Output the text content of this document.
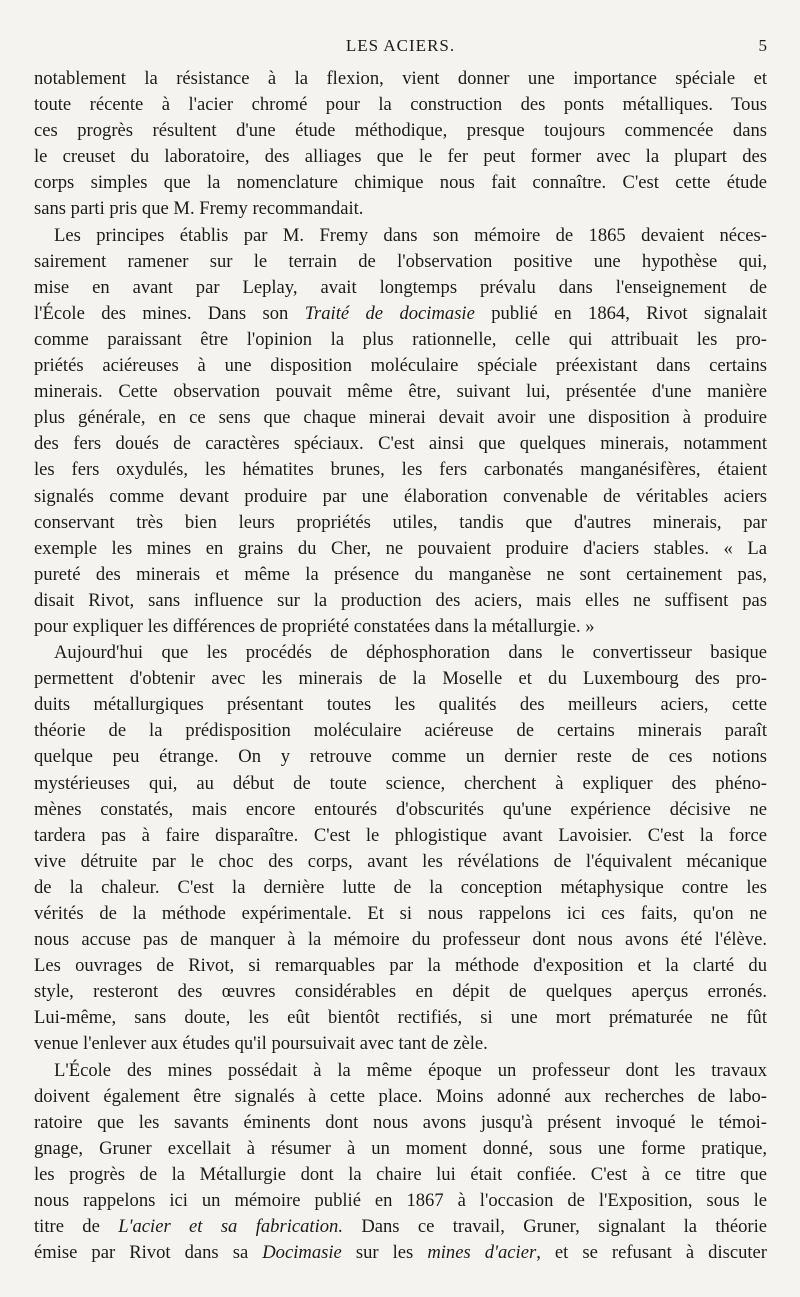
LES ACIERS.	5
notablement la résistance à la flexion, vient donner une importance spéciale et
toute récente à l'acier chromé pour la construction des ponts métalliques. Tous
ces progrès résultent d'une étude méthodique, presque toujours commencée dans
le creuset du laboratoire, des alliages que le fer peut former avec la plupart des
corps simples que la nomenclature chimique nous fait connaître. C'est cette étude
sans parti pris que M. Fremy recommandait.
Les principes établis par M. Fremy dans son mémoire de 1865 devaient néces-
sairement ramener sur le terrain de l'observation positive une hypothèse qui,
mise en avant par Leplay, avait longtemps prévalu dans l'enseignement de
l'École des mines. Dans son Traité de docimasie publié en 1864, Rivot signalait
comme paraissant être l'opinion la plus rationnelle, celle qui attribuait les pro-
priétés aciéreuses à une disposition moléculaire spéciale préexistant dans certains
minerais. Cette observation pouvait même être, suivant lui, présentée d'une manière
plus générale, en ce sens que chaque minerai devait avoir une disposition à produire
des fers doués de caractères spéciaux. C'est ainsi que quelques minerais, notamment
les fers oxydulés, les hématites brunes, les fers carbonatés manganésifères, étaient
signalés comme devant produire par une élaboration convenable de véritables aciers
conservant très bien leurs propriétés utiles, tandis que d'autres minerais, par
exemple les mines en grains du Cher, ne pouvaient produire d'aciers stables. « La
pureté des minerais et même la présence du manganèse ne sont certainement pas,
disait Rivot, sans influence sur la production des aciers, mais elles ne suffisent pas
pour expliquer les différences de propriété constatées dans la métallurgie. »
Aujourd'hui que les procédés de déphosphoration dans le convertisseur basique
permettent d'obtenir avec les minerais de la Moselle et du Luxembourg des pro-
duits métallurgiques présentant toutes les qualités des meilleurs aciers, cette
théorie de la prédisposition moléculaire aciéreuse de certains minerais paraît
quelque peu étrange. On y retrouve comme un dernier reste de ces notions
mystérieuses qui, au début de toute science, cherchent à expliquer des phéno-
mènes constatés, mais encore entourés d'obscurités qu'une expérience décisive ne
tardera pas à faire disparaître. C'est le phlogistique avant Lavoisier. C'est la force
vive détruite par le choc des corps, avant les révélations de l'équivalent mécanique
de la chaleur. C'est la dernière lutte de la conception métaphysique contre les
vérités de la méthode expérimentale. Et si nous rappelons ici ces faits, qu'on ne
nous accuse pas de manquer à la mémoire du professeur dont nous avons été l'élève.
Les ouvrages de Rivot, si remarquables par la méthode d'exposition et la clarté du
style, resteront des œuvres considérables en dépit de quelques aperçus erronés.
Lui-même, sans doute, les eût bientôt rectifiés, si une mort prématurée ne fût
venue l'enlever aux études qu'il poursuivait avec tant de zèle.
L'École des mines possédait à la même époque un professeur dont les travaux
doivent également être signalés à cette place. Moins adonné aux recherches de labo-
ratoire que les savants éminents dont nous avons jusqu'à présent invoqué le témoi-
gnage, Gruner excellait à résumer à un moment donné, sous une forme pratique,
les progrès de la Métallurgie dont la chaire lui était confiée. C'est à ce titre que
nous rappelons ici un mémoire publié en 1867 à l'occasion de l'Exposition, sous le
titre de L'acier et sa fabrication. Dans ce travail, Gruner, signalant la théorie
émise par Rivot dans sa Docimasie sur les mines d'acier, et se refusant à discuter
